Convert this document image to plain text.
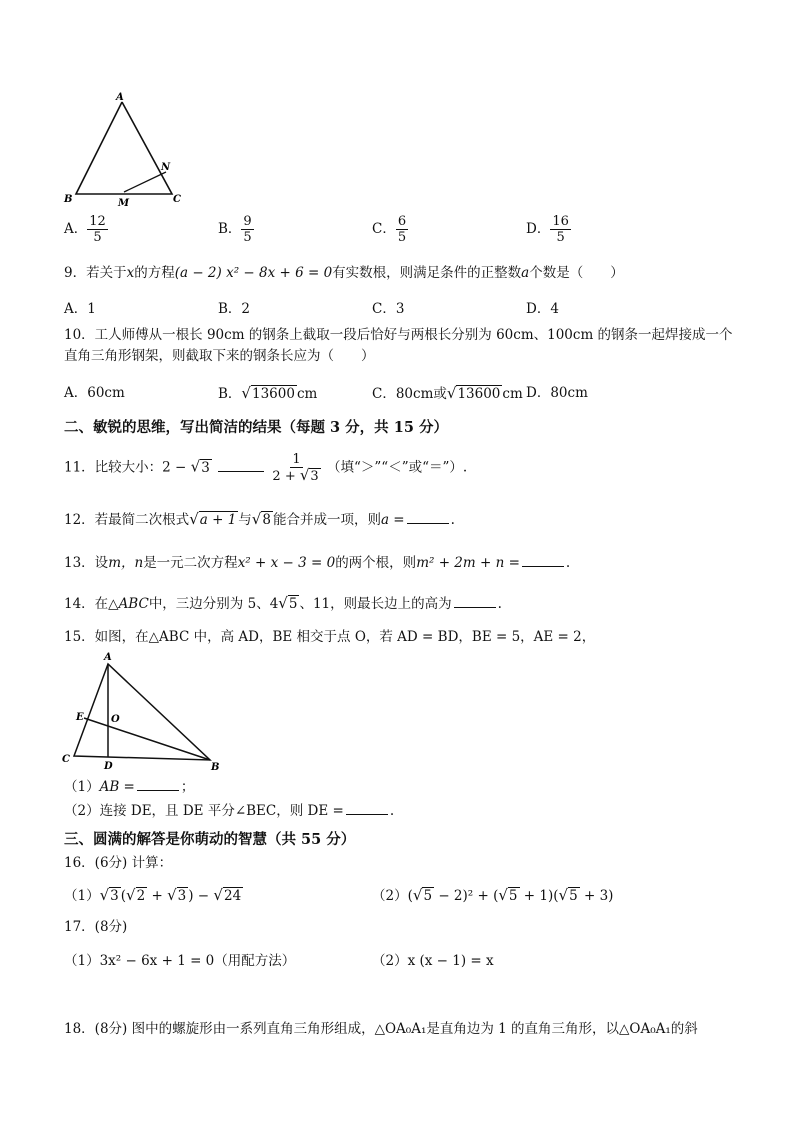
A
B	C
M
N
A． $\frac{12}{5}$	B． $\frac{9}{5}$	C． $\frac{6}{5}$	D． $\frac{16}{5}$
9．若关于x的方程(a − 2) x² − 8x + 6 = 0有实数根，则满足条件的正整数a个数是（　　）
A．1	B．2	C．3	D．4
10．工人师傅从一根长 90cm 的钢条上截取一段后恰好与两根长分别为 60cm、100cm 的钢条一起焊接成一个
直角三角形钢架，则截取下来的钢条长应为（　　）
A．60cm	B．√13600 cm	C．80cm或√13600 cm D．80cm
二、敏锐的思维，写出简洁的结果（每题 3 分，共 15 分）
11．比较大小：2 − √3	$\frac{1}{2 + √3}$ （填“＞”“＜”或“＝”）.
12．若最简二次根式√a + 1 与√8 能合并成一项，则a =	.
13．设m，n是一元二次方程x² + x − 3 = 0的两个根，则m² + 2m + n =	.
14．在△ABC中，三边分别为 5、4√5 、11，则最长边上的高为	.
15．如图，在△ABC 中，高 AD，BE 相交于点 O，若 AD = BD，BE = 5，AE = 2，
A
C
B
D
E	O
（1）AB =	；
（2）连接 DE，且 DE 平分∠BEC，则 DE =	.
三、圆满的解答是你萌动的智慧（共 55 分）
16．(6分) 计算：
（1）√3 (√2 + √3 ) − √24	（2）(√5 − 2)² + (√5 + 1)(√5 + 3)
17．(8分)
（1）3x² − 6x + 1 = 0（用配方法）	（2）x (x − 1) = x
18．(8分) 图中的螺旋形由一系列直角三角形组成，△OA₀A₁是直角边为 1 的直角三角形，以△OA₀A₁的斜
